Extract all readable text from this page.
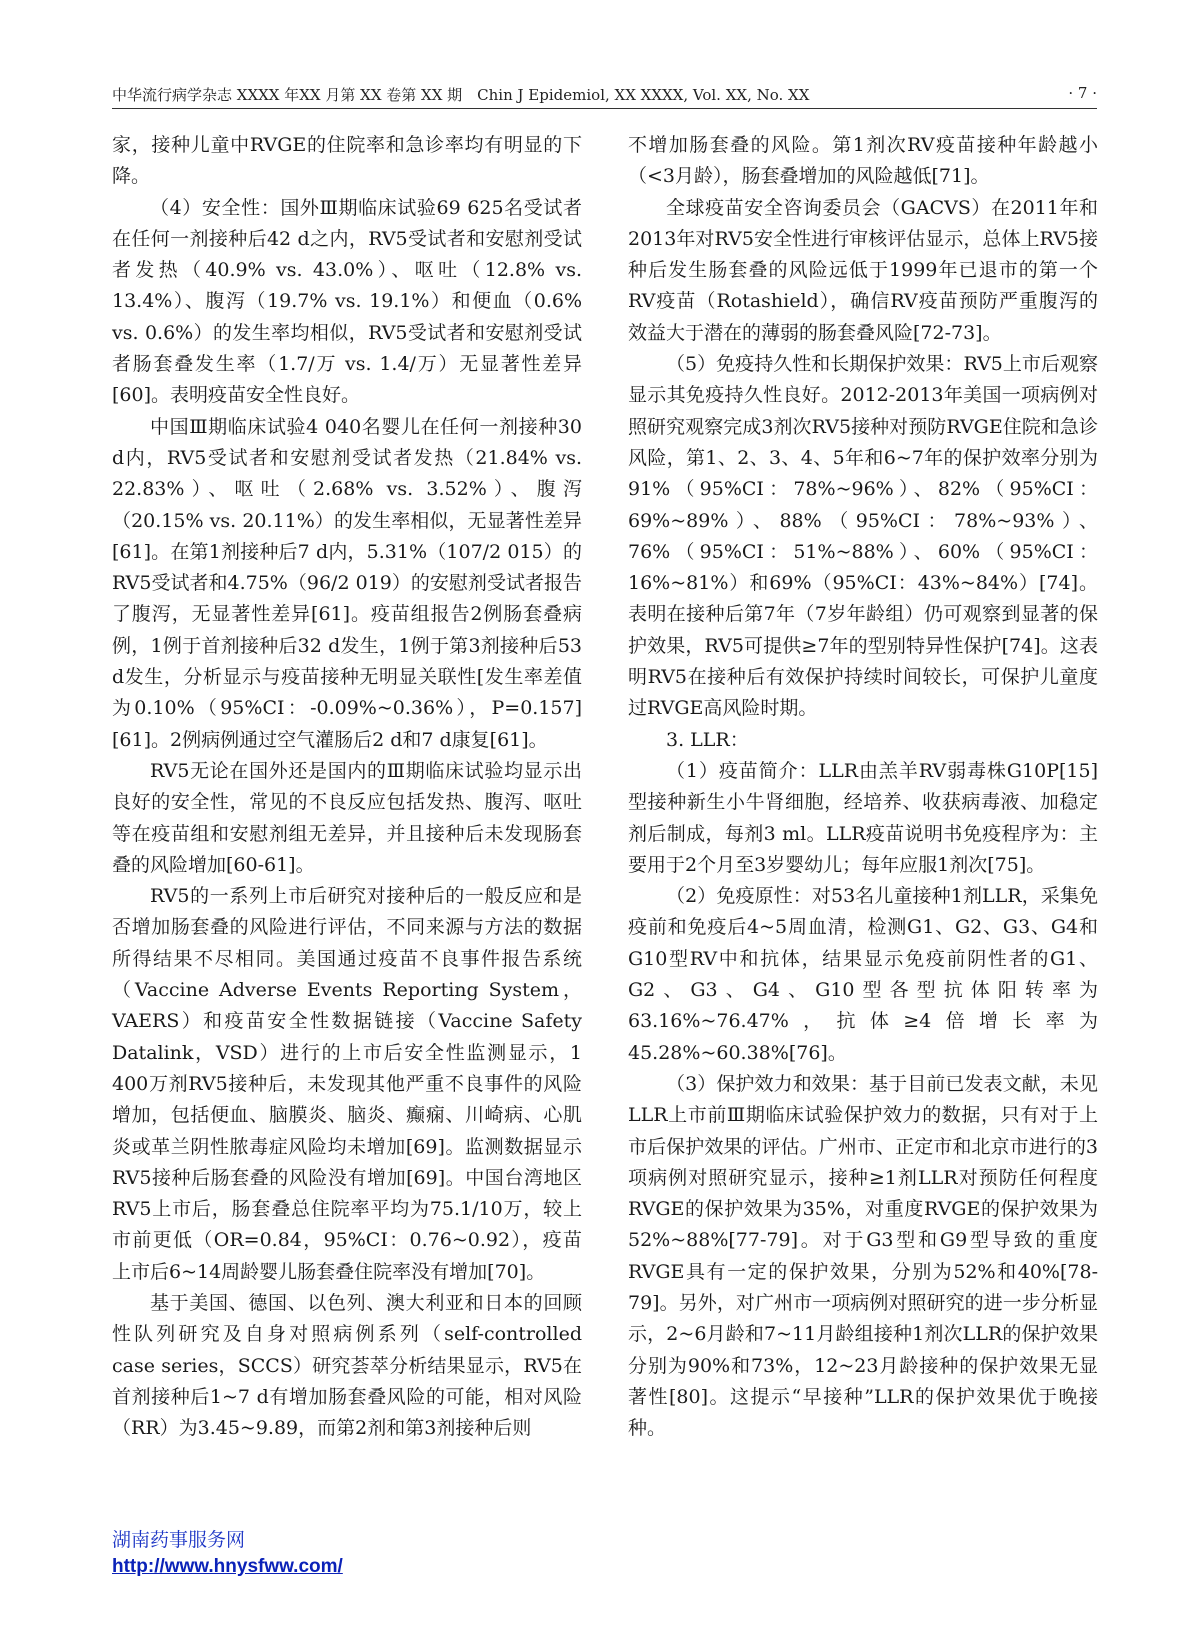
中华流行病学杂志 XXXX 年XX 月第 XX 卷第 XX 期　Chin J Epidemiol, XX XXXX, Vol. XX, No. XX	· 7 ·

家，接种儿童中RVGE的住院率和急诊率均有明显的下降。

（4）安全性：国外Ⅲ期临床试验69 625名受试者在任何一剂接种后42 d之内，RV5受试者和安慰剂受试者发热（40.9% vs. 43.0%）、呕吐（12.8% vs. 13.4%）、腹泻（19.7% vs. 19.1%）和便血（0.6% vs. 0.6%）的发生率均相似，RV5受试者和安慰剂受试者肠套叠发生率（1.7/万 vs. 1.4/万）无显著性差异[60]。表明疫苗安全性良好。

中国Ⅲ期临床试验4 040名婴儿在任何一剂接种30 d内，RV5受试者和安慰剂受试者发热（21.84% vs. 22.83%）、呕吐（2.68% vs. 3.52%）、腹泻（20.15% vs. 20.11%）的发生率相似，无显著性差异[61]。在第1剂接种后7 d内，5.31%（107/2 015）的RV5受试者和4.75%（96/2 019）的安慰剂受试者报告了腹泻，无显著性差异[61]。疫苗组报告2例肠套叠病例，1例于首剂接种后32 d发生，1例于第3剂接种后53 d发生，分析显示与疫苗接种无明显关联性[发生率差值为0.10%（95%CI：-0.09%~0.36%），P=0.157][61]。2例病例通过空气灌肠后2 d和7 d康复[61]。

RV5无论在国外还是国内的Ⅲ期临床试验均显示出良好的安全性，常见的不良反应包括发热、腹泻、呕吐等在疫苗组和安慰剂组无差异，并且接种后未发现肠套叠的风险增加[60-61]。

RV5的一系列上市后研究对接种后的一般反应和是否增加肠套叠的风险进行评估，不同来源与方法的数据所得结果不尽相同。美国通过疫苗不良事件报告系统（Vaccine Adverse Events Reporting System，VAERS）和疫苗安全性数据链接（Vaccine Safety Datalink，VSD）进行的上市后安全性监测显示，1 400万剂RV5接种后，未发现其他严重不良事件的风险增加，包括便血、脑膜炎、脑炎、癫痫、川崎病、心肌炎或革兰阴性脓毒症风险均未增加[69]。监测数据显示RV5接种后肠套叠的风险没有增加[69]。中国台湾地区RV5上市后，肠套叠总住院率平均为75.1/10万，较上市前更低（OR=0.84，95%CI：0.76~0.92），疫苗上市后6~14周龄婴儿肠套叠住院率没有增加[70]。

基于美国、德国、以色列、澳大利亚和日本的回顾性队列研究及自身对照病例系列（self-controlled case series，SCCS）研究荟萃分析结果显示，RV5在首剂接种后1~7 d有增加肠套叠风险的可能，相对风险（RR）为3.45~9.89，而第2剂和第3剂接种后则

不增加肠套叠的风险。第1剂次RV疫苗接种年龄越小（<3月龄），肠套叠增加的风险越低[71]。

全球疫苗安全咨询委员会（GACVS）在2011年和2013年对RV5安全性进行审核评估显示，总体上RV5接种后发生肠套叠的风险远低于1999年已退市的第一个RV疫苗（Rotashield），确信RV疫苗预防严重腹泻的效益大于潜在的薄弱的肠套叠风险[72-73]。

（5）免疫持久性和长期保护效果：RV5上市后观察显示其免疫持久性良好。2012-2013年美国一项病例对照研究观察完成3剂次RV5接种对预防RVGE住院和急诊风险，第1、2、3、4、5年和6~7年的保护效率分别为91%（95%CI：78%~96%）、82%（95%CI：69%~89%）、88%（95%CI：78%~93%）、76%（95%CI：51%~88%）、60%（95%CI：16%~81%）和69%（95%CI：43%~84%）[74]。表明在接种后第7年（7岁年龄组）仍可观察到显著的保护效果，RV5可提供≥7年的型别特异性保护[74]。这表明RV5在接种后有效保护持续时间较长，可保护儿童度过RVGE高风险时期。

3. LLR：

（1）疫苗简介：LLR由羔羊RV弱毒株G10P[15]型接种新生小牛肾细胞，经培养、收获病毒液、加稳定剂后制成，每剂3 ml。LLR疫苗说明书免疫程序为：主要用于2个月至3岁婴幼儿；每年应服1剂次[75]。

（2）免疫原性：对53名儿童接种1剂LLR，采集免疫前和免疫后4~5周血清，检测G1、G2、G3、G4和G10型RV中和抗体，结果显示免疫前阴性者的G1、G2、G3、G4、G10型各型抗体阳转率为63.16%~76.47%，抗体≥4倍增长率为45.28%~60.38%[76]。

（3）保护效力和效果：基于目前已发表文献，未见LLR上市前Ⅲ期临床试验保护效力的数据，只有对于上市后保护效果的评估。广州市、正定市和北京市进行的3项病例对照研究显示，接种≥1剂LLR对预防任何程度RVGE的保护效果为35%，对重度RVGE的保护效果为52%~88%[77-79]。对于G3型和G9型导致的重度RVGE具有一定的保护效果，分别为52%和40%[78-79]。另外，对广州市一项病例对照研究的进一步分析显示，2~6月龄和7~11月龄组接种1剂次LLR的保护效果分别为90%和73%，12~23月龄接种的保护效果无显著性[80]。这提示“早接种”LLR的保护效果优于晚接种。

湖南药事服务网
http://www.hnysfww.com/
